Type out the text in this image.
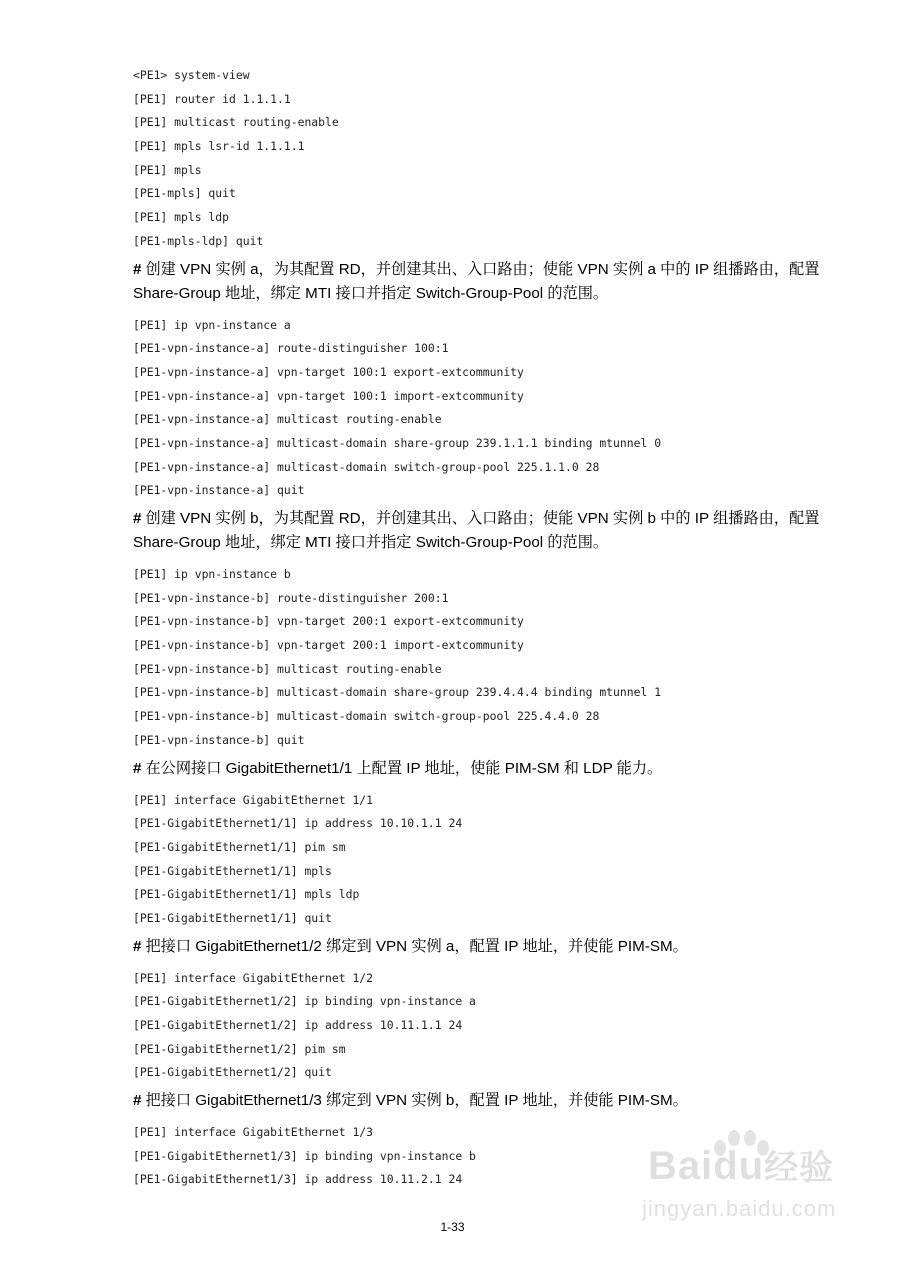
<PE1> system-view
[PE1] router id 1.1.1.1
[PE1] multicast routing-enable
[PE1] mpls lsr-id 1.1.1.1
[PE1] mpls
[PE1-mpls] quit
[PE1] mpls ldp
[PE1-mpls-ldp] quit
# 创建 VPN 实例 a，为其配置 RD，并创建其出、入口路由；使能 VPN 实例 a 中的 IP 组播路由，配置 Share-Group 地址，绑定 MTI 接口并指定 Switch-Group-Pool 的范围。
[PE1] ip vpn-instance a
[PE1-vpn-instance-a] route-distinguisher 100:1
[PE1-vpn-instance-a] vpn-target 100:1 export-extcommunity
[PE1-vpn-instance-a] vpn-target 100:1 import-extcommunity
[PE1-vpn-instance-a] multicast routing-enable
[PE1-vpn-instance-a] multicast-domain share-group 239.1.1.1 binding mtunnel 0
[PE1-vpn-instance-a] multicast-domain switch-group-pool 225.1.1.0 28
[PE1-vpn-instance-a] quit
# 创建 VPN 实例 b，为其配置 RD，并创建其出、入口路由；使能 VPN 实例 b 中的 IP 组播路由，配置 Share-Group 地址，绑定 MTI 接口并指定 Switch-Group-Pool 的范围。
[PE1] ip vpn-instance b
[PE1-vpn-instance-b] route-distinguisher 200:1
[PE1-vpn-instance-b] vpn-target 200:1 export-extcommunity
[PE1-vpn-instance-b] vpn-target 200:1 import-extcommunity
[PE1-vpn-instance-b] multicast routing-enable
[PE1-vpn-instance-b] multicast-domain share-group 239.4.4.4 binding mtunnel 1
[PE1-vpn-instance-b] multicast-domain switch-group-pool 225.4.4.0 28
[PE1-vpn-instance-b] quit
# 在公网接口 GigabitEthernet1/1 上配置 IP 地址，使能 PIM-SM 和 LDP 能力。
[PE1] interface GigabitEthernet 1/1
[PE1-GigabitEthernet1/1] ip address 10.10.1.1 24
[PE1-GigabitEthernet1/1] pim sm
[PE1-GigabitEthernet1/1] mpls
[PE1-GigabitEthernet1/1] mpls ldp
[PE1-GigabitEthernet1/1] quit
# 把接口 GigabitEthernet1/2 绑定到 VPN 实例 a，配置 IP 地址，并使能 PIM-SM。
[PE1] interface GigabitEthernet 1/2
[PE1-GigabitEthernet1/2] ip binding vpn-instance a
[PE1-GigabitEthernet1/2] ip address 10.11.1.1 24
[PE1-GigabitEthernet1/2] pim sm
[PE1-GigabitEthernet1/2] quit
# 把接口 GigabitEthernet1/3 绑定到 VPN 实例 b，配置 IP 地址，并使能 PIM-SM。
[PE1] interface GigabitEthernet 1/3
[PE1-GigabitEthernet1/3] ip binding vpn-instance b
[PE1-GigabitEthernet1/3] ip address 10.11.2.1 24
1-33
Baidu经验
jingyan.baidu.com
